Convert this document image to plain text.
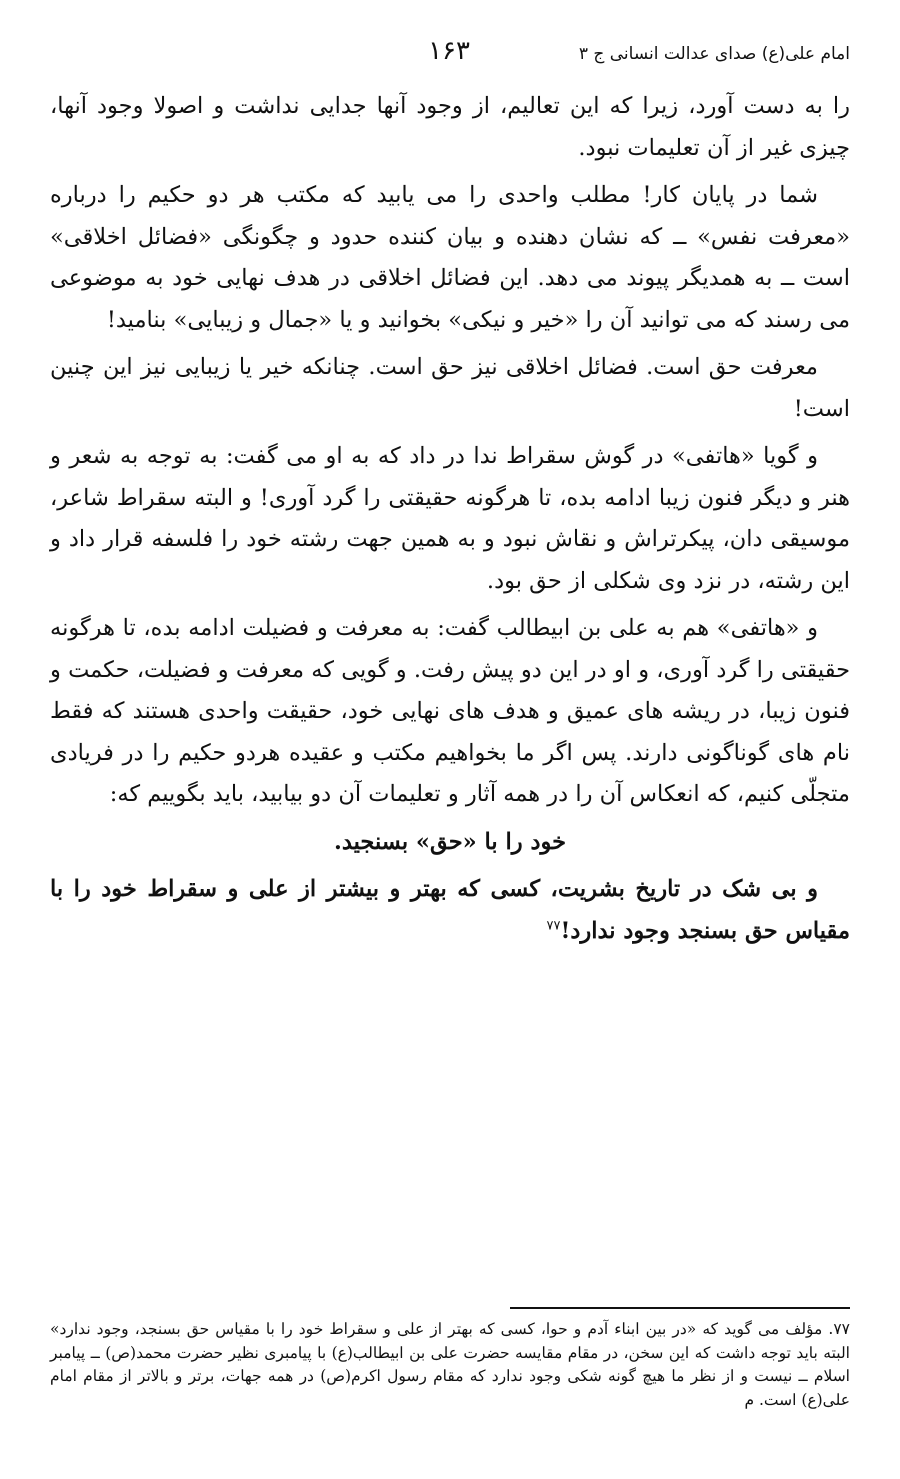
امام علی(ع) صدای عدالت انسانی ج ۳
۱۶۳

را به دست آورد، زیرا که این تعالیم، از وجود آنها جدایی نداشت و اصولا وجود آنها، چیزی غیر از آن تعلیمات نبود.

شما در پایان کار! مطلب واحدی را می یابید که مکتب هر دو حکیم را درباره «معرفت نفس» ــ که نشان دهنده و بیان کننده حدود و چگونگی «فضائل اخلاقی» است ــ به همدیگر پیوند می دهد. این فضائل اخلاقی در هدف نهایی خود به موضوعی می رسند که می توانید آن را «خیر و نیکی» بخوانید و یا «جمال و زیبایی» بنامید!

معرفت حق است. فضائل اخلاقی نیز حق است. چنانکه خیر یا زیبایی نیز این چنین است!

و گویا «هاتفی» در گوش سقراط ندا در داد که به او می گفت: به توجه به شعر و هنر و دیگر فنون زیبا ادامه بده، تا هرگونه حقیقتی را گرد آوری! و البته سقراط شاعر، موسیقی دان، پیکرتراش و نقاش نبود و به همین جهت رشته خود را فلسفه قرار داد و این رشته، در نزد وی شکلی از حق بود.

و «هاتفی» هم به علی بن ابیطالب گفت: به معرفت و فضیلت ادامه بده، تا هرگونه حقیقتی را گرد آوری، و او در این دو پیش رفت. و گویی که معرفت و فضیلت، حکمت و فنون زیبا، در ریشه های عمیق و هدف های نهایی خود، حقیقت واحدی هستند که فقط نام های گوناگونی دارند. پس اگر ما بخواهیم مکتب و عقیده هردو حکیم را در فریادی متجلّی کنیم، که انعکاس آن را در همه آثار و تعلیمات آن دو بیابید، باید بگوییم که:

خود را با «حق» بسنجید.

و بی شک در تاریخ بشریت، کسی که بهتر و بیشتر از علی و سقراط خود را با مقیاس حق بسنجد وجود ندارد!$^{۷۷}$

۷۷. مؤلف می گوید که «در بین ابناء آدم و حوا، کسی که بهتر از علی و سقراط خود را با مقیاس حق بسنجد، وجود ندارد» البته باید توجه داشت که این سخن، در مقام مقایسه حضرت علی بن ابیطالب(ع) با پیامبری نظیر حضرت محمد(ص) ــ پیامبر اسلام ــ نیست و از نظر ما هیچ گونه شکی وجود ندارد که مقام رسول اکرم(ص) در همه جهات، برتر و بالاتر از مقام امام علی(ع) است. م
